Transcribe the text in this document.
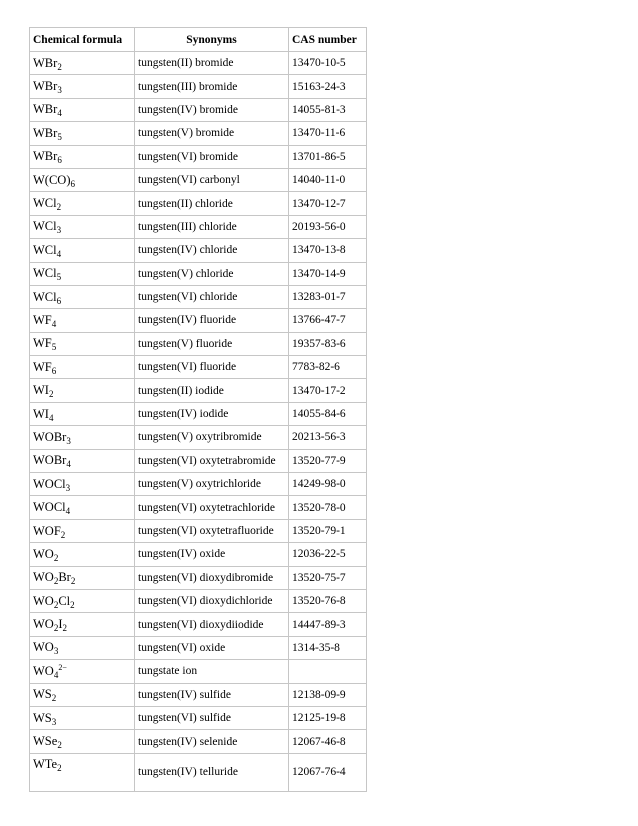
Chemical formula	Synonyms	CAS number
WBr$_2$	tungsten(II) bromide	13470-10-5
WBr$_3$	tungsten(III) bromide	15163-24-3
WBr$_4$	tungsten(IV) bromide	14055-81-3
WBr$_5$	tungsten(V) bromide	13470-11-6
WBr$_6$	tungsten(VI) bromide	13701-86-5
$W(CO)_6$	tungsten(VI) carbonyl	14040-11-0
WCl$_2$	tungsten(II) chloride	13470-12-7
WCl$_3$	tungsten(III) chloride	20193-56-0
WCl$_4$	tungsten(IV) chloride	13470-13-8
WCl$_5$	tungsten(V) chloride	13470-14-9
WCl$_6$	tungsten(VI) chloride	13283-01-7
$WF_4$	tungsten(IV) fluoride	13766-47-7
$WF_5$	tungsten(V) fluoride	19357-83-6
$WF_6$	tungsten(VI) fluoride	7783-82-6
$WI_2$	tungsten(II) iodide	13470-17-2
$WI_4$	tungsten(IV) iodide	14055-84-6
WOBr$_3$	tungsten(V) oxytribromide	20213-56-3
WOBr$_4$	tungsten(VI) oxytetrabromide	13520-77-9
WOCl$_3$	tungsten(V) oxytrichloride	14249-98-0
WOCl$_4$	tungsten(VI) oxytetrachloride	13520-78-0
$WOF_2$	tungsten(VI) oxytetrafluoride	13520-79-1
$WO_2$	tungsten(IV) oxide	12036-22-5
$WO_2Br_2$	tungsten(VI) dioxydibromide	13520-75-7
$WO_2Cl_2$	tungsten(VI) dioxydichloride	13520-76-8
$WO_2I_2$	tungsten(VI) dioxydiiodide	14447-89-3
$WO_3$	tungsten(VI) oxide	1314-35-8
$WO_4^{2-}$	tungstate ion	
$WS_2$	tungsten(IV) sulfide	12138-09-9
$WS_3$	tungsten(VI) sulfide	12125-19-8
WSe$_2$	tungsten(IV) selenide	12067-46-8
WTe$_2$	tungsten(IV) telluride	12067-76-4
